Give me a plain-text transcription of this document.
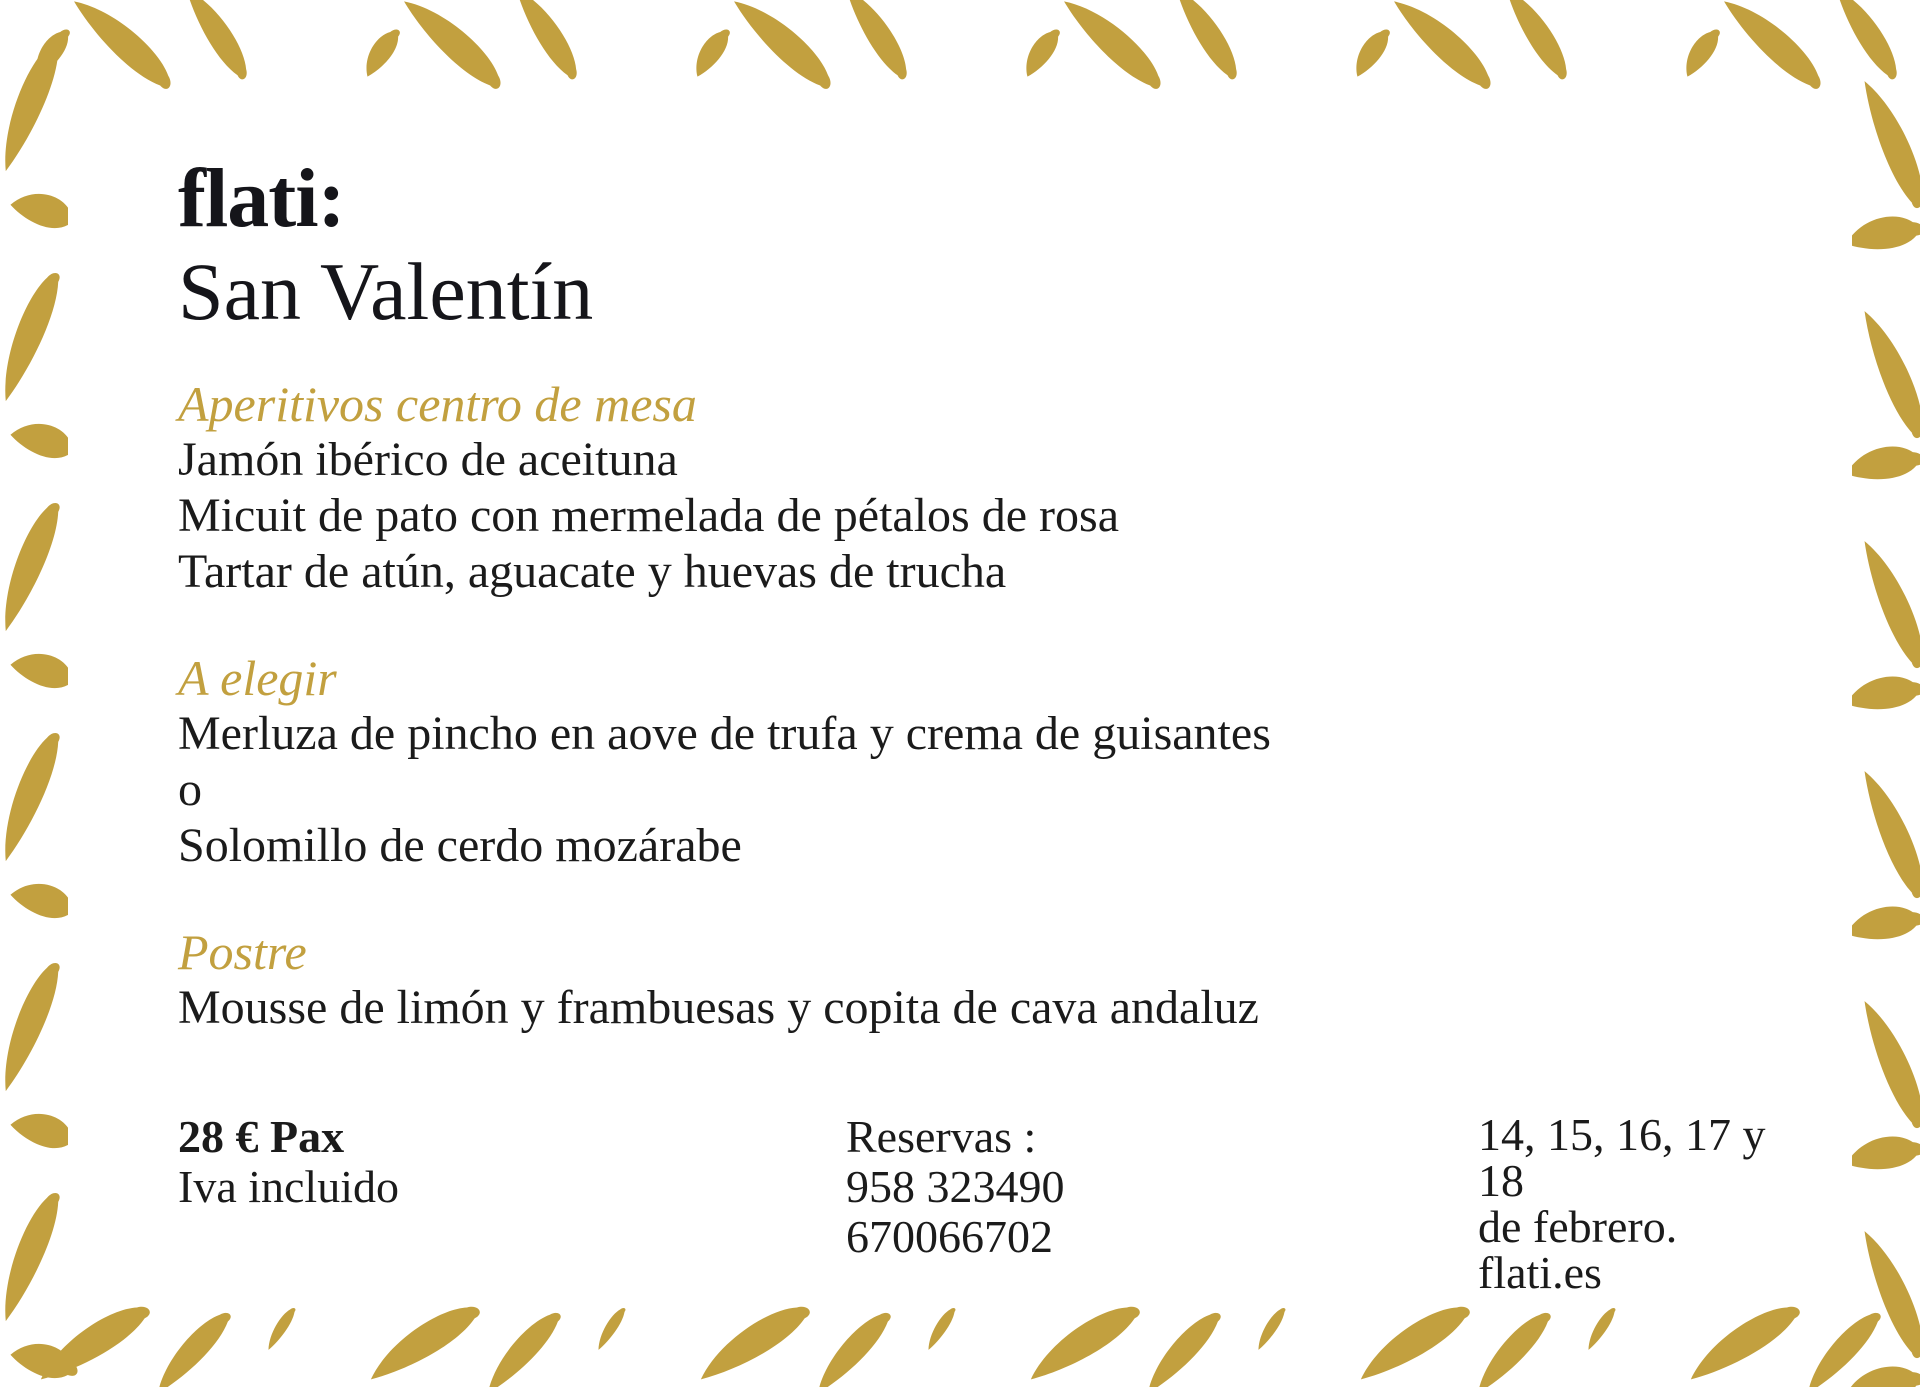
flati:
San Valentín
Aperitivos centro de mesa
Jamón ibérico de aceituna
Micuit de pato con mermelada de pétalos de rosa
Tartar de atún, aguacate y huevas de trucha
A elegir
Merluza de pincho en aove de trufa y crema de guisantes
o
Solomillo de cerdo mozárabe
Postre
Mousse de limón y frambuesas y copita de cava andaluz
28 € Pax
Iva incluido
Reservas :
958 323490
670066702
14, 15, 16, 17 y 18
de febrero.
flati.es
